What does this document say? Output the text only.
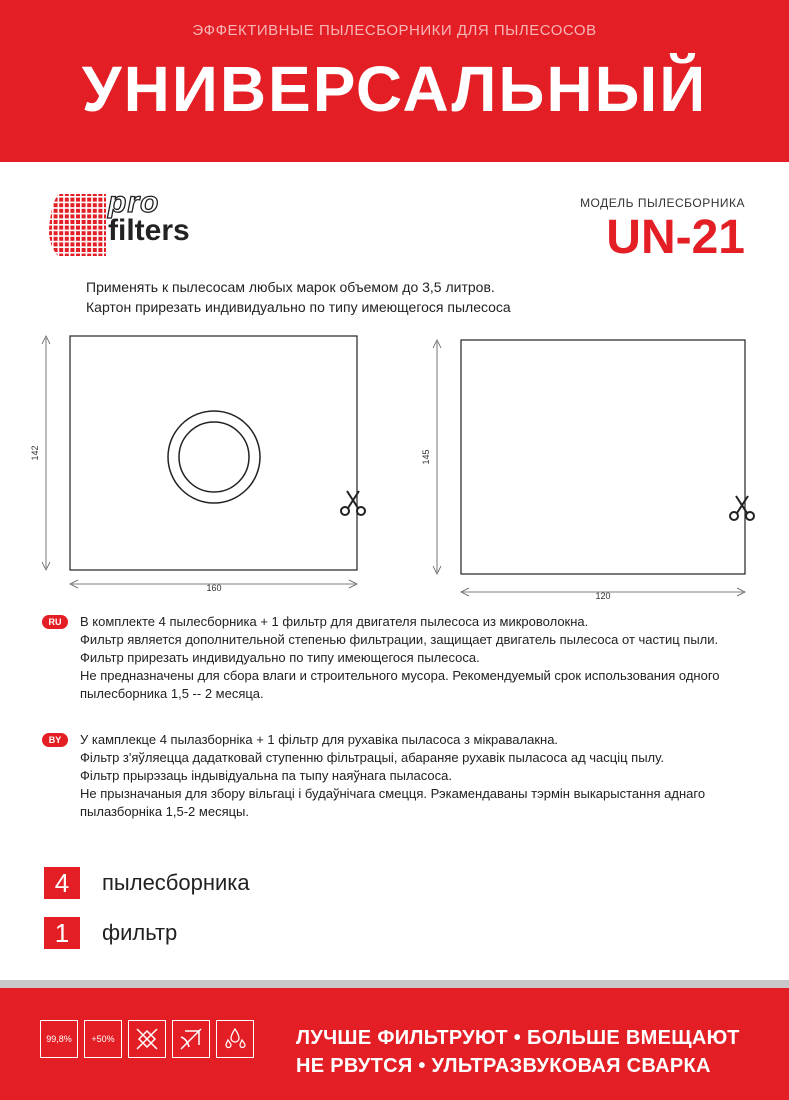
ЭФФЕКТИВНЫЕ ПЫЛЕСБОРНИКИ ДЛЯ ПЫЛЕСОСОВ
УНИВЕРСАЛЬНЫЙ
pro
filters
МОДЕЛЬ ПЫЛЕСБОРНИКА
UN-21
Применять к пылесосам любых марок объемом до 3,5 литров.
Картон прирезать индивидуально по типу имеющегося пылесоса
142
160
145
120
RU	В комплекте 4 пылесборника + 1 фильтр для двигателя пылесоса из микроволокна.
Фильтр является дополнительной степенью фильтрации, защищает двигатель пылесоса от частиц пыли.
Фильтр прирезать индивидуально по типу имеющегося пылесоса.
Не предназначены для сбора влаги и строительного мусора. Рекомендуемый срок использования одного
пылесборника 1,5 -- 2 месяца.
BY	У камплекце 4 пылазборніка + 1 фільтр для рухавіка пыласоса з мікравалакна.
Фільтр з'яўляецца дадатковай ступенню фільтрацыі, абараняе рухавік пыласоса ад часціц пылу.
Фільтр прырэзаць індывідуальна па тыпу наяўнага пыласоса.
Не прызначаныя для збору вільгаці і будаўнічага смецця. Рэкамендаваны тэрмін выкарыстання аднаго
пылазборніка 1,5-2 месяцы.
4	пылесборника
1	фильтр
99,8%	+50%	ЛУЧШЕ ФИЛЬТРУЮТ • БОЛЬШЕ ВМЕЩАЮТ
НЕ РВУТСЯ • УЛЬТРАЗВУКОВАЯ СВАРКА
